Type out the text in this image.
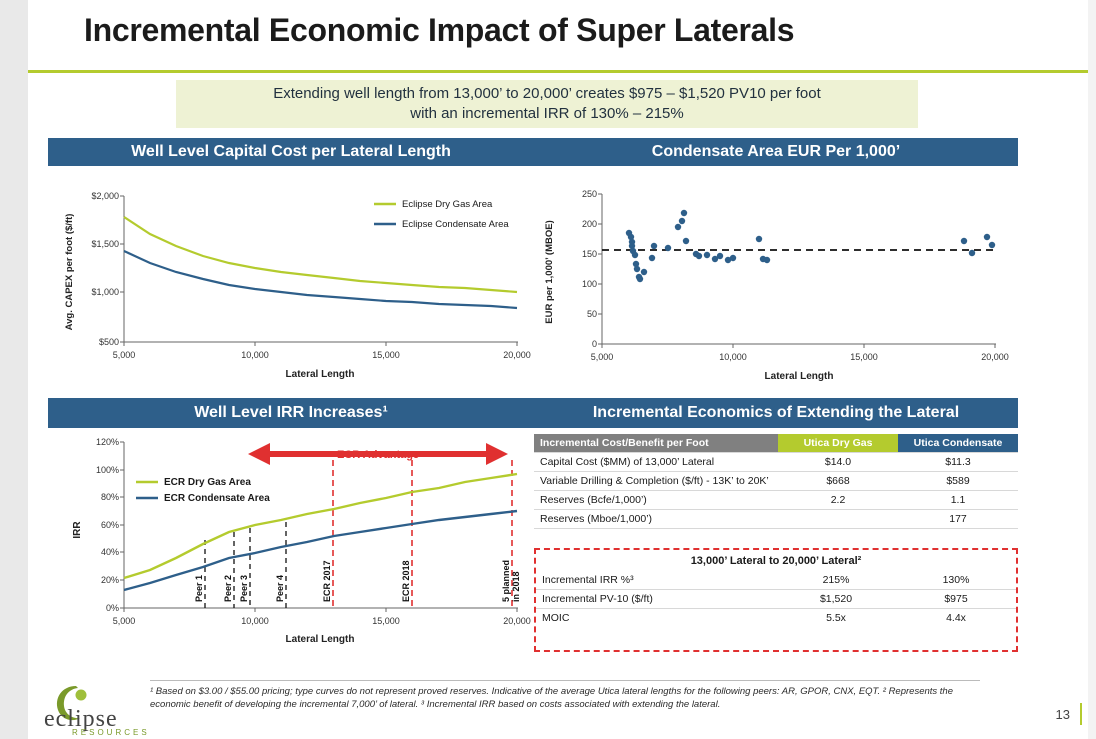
Incremental Economic Impact of Super Laterals
Extending well length from 13,000’ to 20,000’ creates $975 – $1,520 PV10 per foot
with an incremental IRR of 130% – 215%
Well Level Capital Cost per Lateral Length
$2,000
$1,500
$1,000
$500
5,000	10,000	15,000	20,000
Avg. CAPEX per foot ($/ft)
Lateral Length
Eclipse Dry Gas Area
Eclipse Condensate Area
Condensate Area EUR Per 1,000’
250
200
150
100
50
0
5,000	10,000	15,000	20,000
EUR per 1,000’ (MBOE)
Lateral Length
Well Level IRR Increases¹
120%
100%
80%
60%
40%
20%
0%
5,000	10,000	15,000	20,000
IRR
Lateral Length
ECR Advantage
ECR Dry Gas Area
ECR Condensate Area
Peer 1 Peer 2 Peer 3	Peer 4	ECR 2017	ECR 2018	5 planned in 2018
Incremental Economics of Extending the Lateral
Incremental Cost/Benefit per Foot	Utica Dry Gas	Utica Condensate
Capital Cost ($MM) of 13,000’ Lateral	$14.0	$11.3
Variable Drilling & Completion ($/ft) - 13K’ to 20K’	$668	$589
Reserves (Bcfe/1,000’)	2.2	1.1
Reserves (Mboe/1,000’)		177
13,000’ Lateral to 20,000’ Lateral²
Incremental IRR %³	215%	130%
Incremental PV-10 ($/ft)	$1,520	$975
MOIC	5.5x	4.4x
¹ Based on $3.00 / $55.00 pricing; type curves do not represent proved reserves. Indicative of the average Utica lateral lengths for the following peers: AR, GPOR, CNX, EQT. ² Represents the economic benefit of developing the incremental 7,000’ of lateral. ³ Incremental IRR based on costs associated with extending the lateral.
eclipse
RESOURCES
13
